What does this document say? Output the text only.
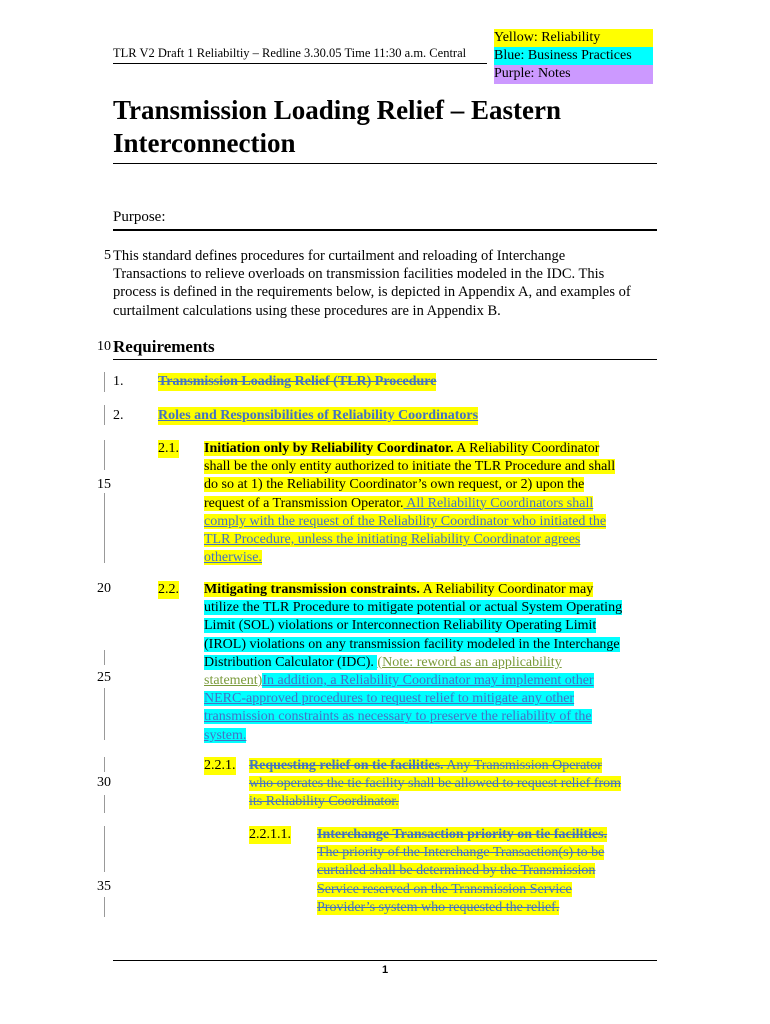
TLR V2 Draft 1 Reliabiltiy – Redline 3.30.05 Time 11:30 a.m. Central
Yellow: Reliability
Blue: Business Practices
Purple: Notes
Transmission Loading Relief – Eastern
Interconnection
Purpose:
This standard defines procedures for curtailment and reloading of Interchange
Transactions to relieve overloads on transmission facilities modeled in the IDC. This
process is defined in the requirements below, is depicted in Appendix A, and examples of
curtailment calculations using these procedures are in Appendix B.
Requirements
5
10
15
20
25
30
35
1. Transmission Loading Relief (TLR) Procedure
2. Roles and Responsibilities of Reliability Coordinators
2.1. Initiation only by Reliability Coordinator. A Reliability Coordinator
shall be the only entity authorized to initiate the TLR Procedure and shall
do so at 1) the Reliability Coordinator’s own request, or 2) upon the
request of a Transmission Operator. All Reliability Coordinators shall
comply with the request of the Reliability Coordinator who initiated the
TLR Procedure, unless the initiating Reliability Coordinator agrees
otherwise.
2.2. Mitigating transmission constraints. A Reliability Coordinator may
utilize the TLR Procedure to mitigate potential or actual System Operating
Limit (SOL) violations or Interconnection Reliability Operating Limit
(IROL) violations on any transmission facility modeled in the Interchange
Distribution Calculator (IDC). (Note: reword as an applicability
statement)In addition, a Reliability Coordinator may implement other
NERC-approved procedures to request relief to mitigate any other
transmission constraints as necessary to preserve the reliability of the
system.
2.2.1. Requesting relief on tie facilities. Any Transmission Operator
who operates the tie facility shall be allowed to request relief from
its Reliability Coordinator.
2.2.1.1. Interchange Transaction priority on tie facilities.
The priority of the Interchange Transaction(s) to be
curtailed shall be determined by the Transmission
Service reserved on the Transmission Service
Provider’s system who requested the relief.
1
